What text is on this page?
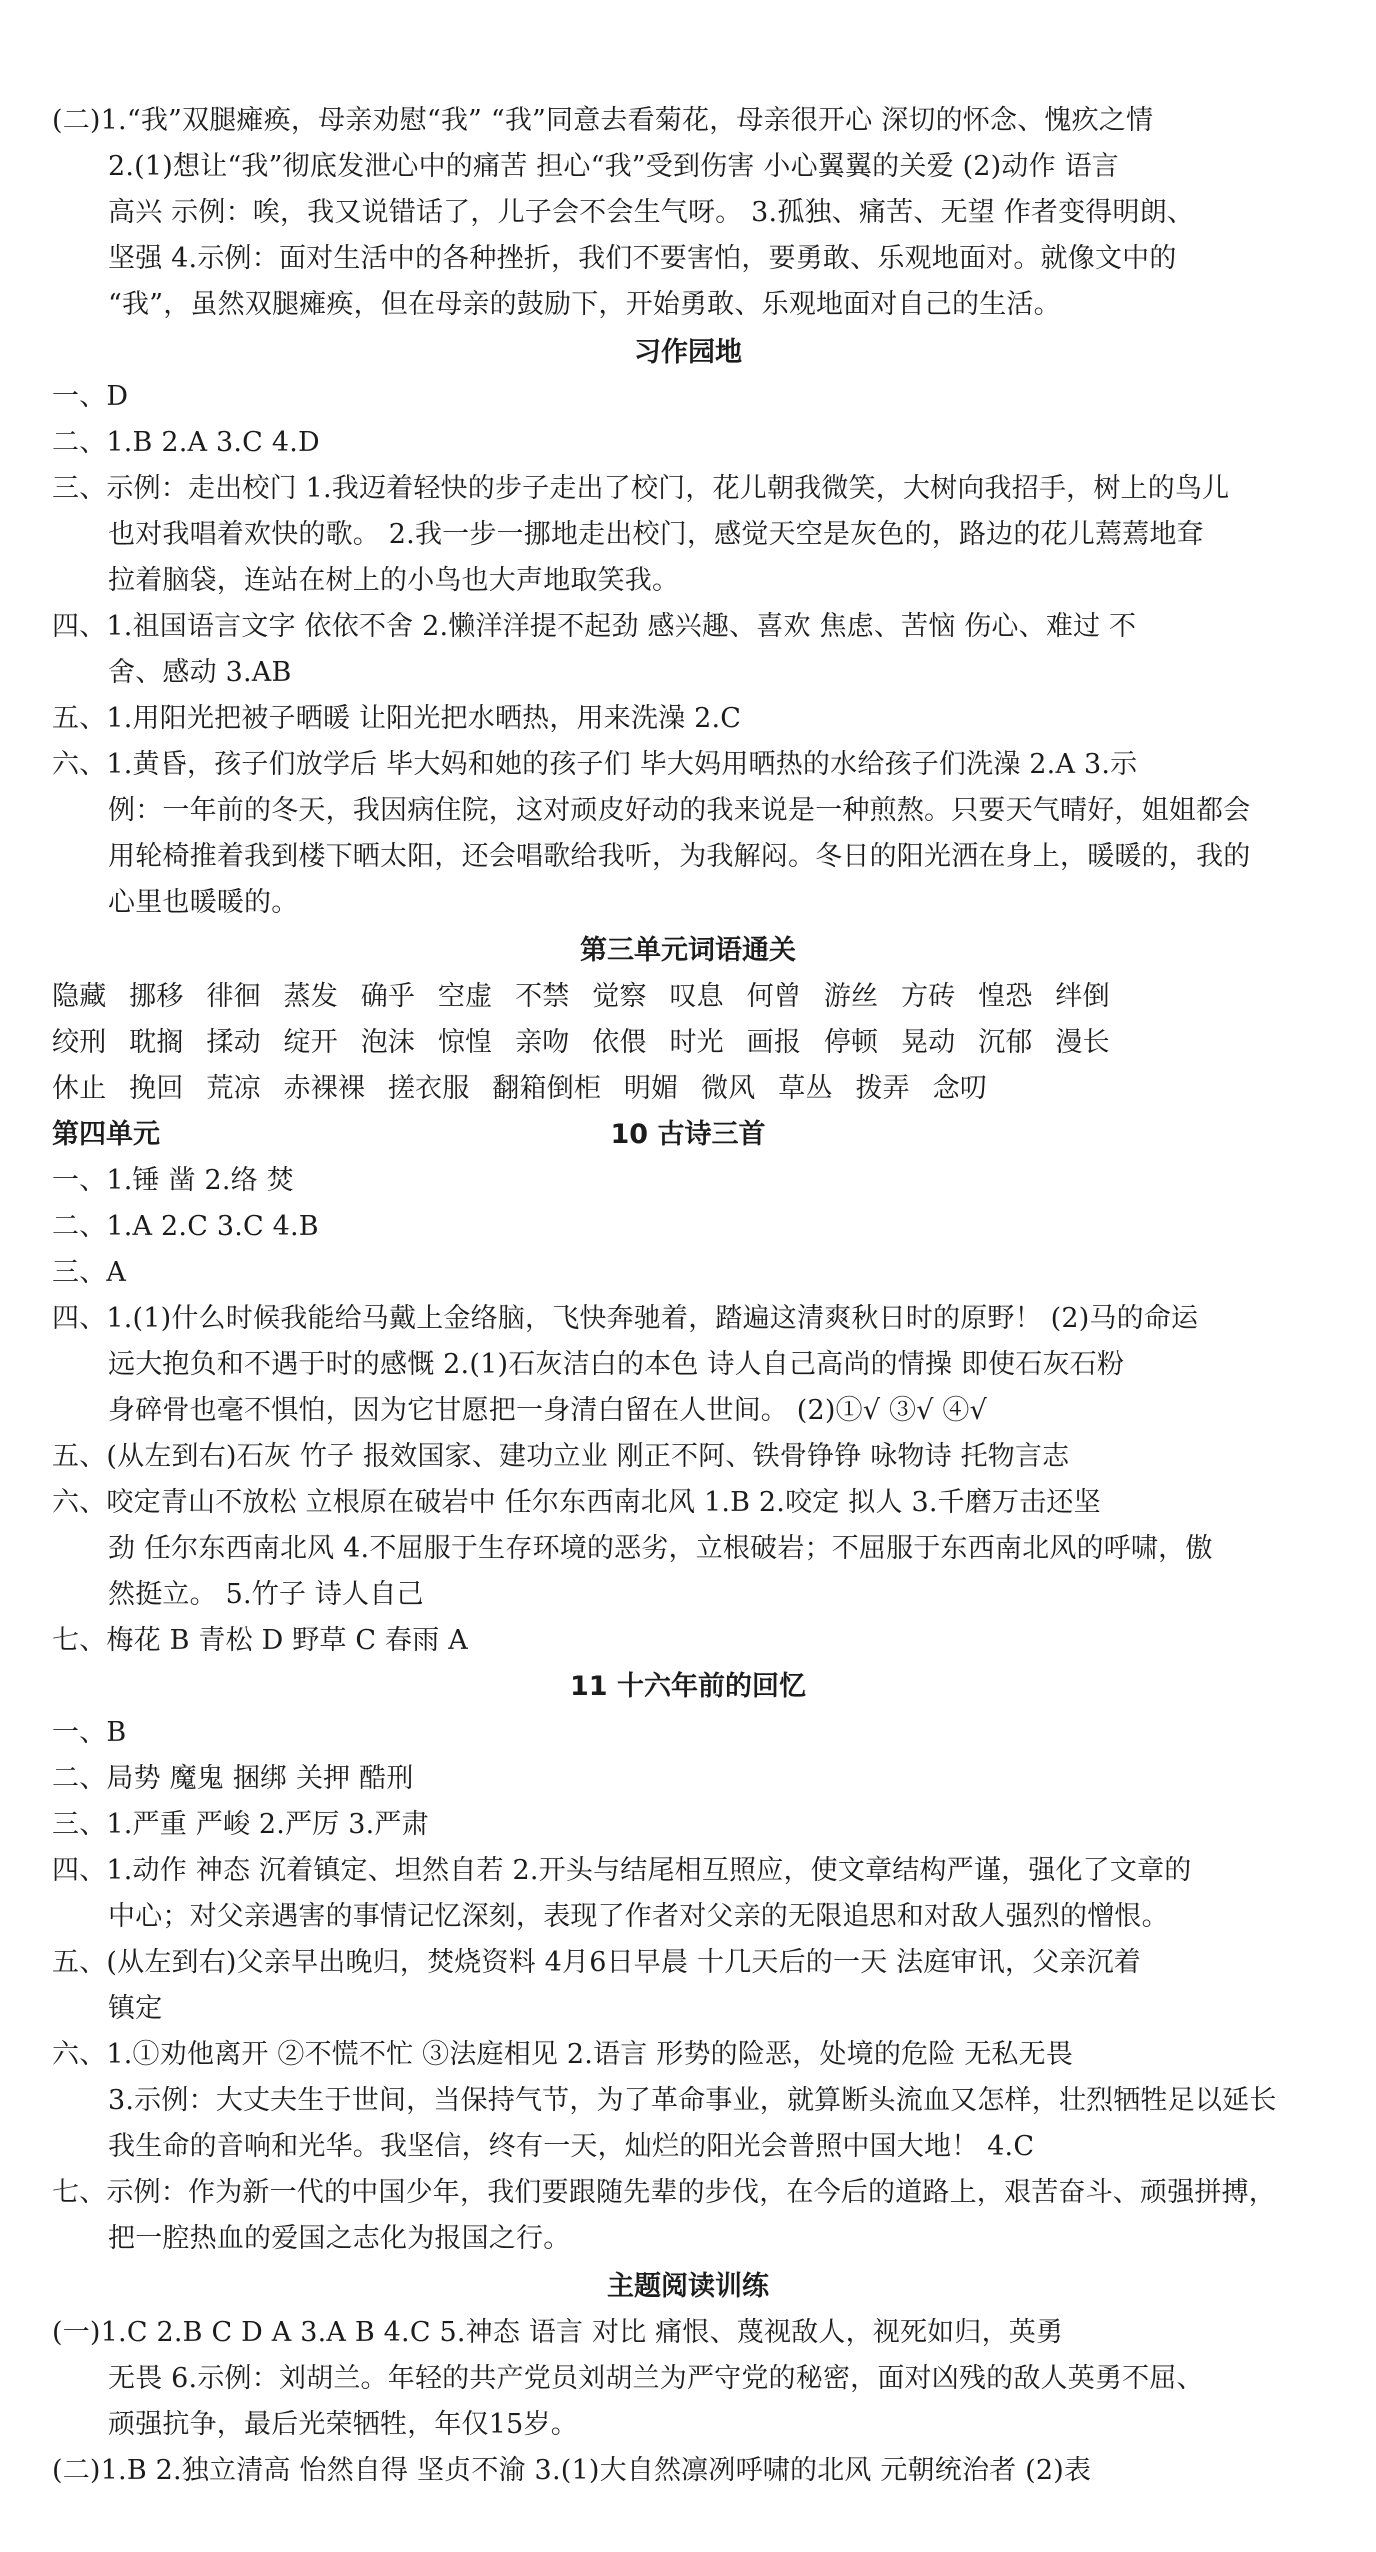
(二)1.“我”双腿瘫痪，母亲劝慰“我” “我”同意去看菊花，母亲很开心 深切的怀念、愧疚之情
2.(1)想让“我”彻底发泄心中的痛苦 担心“我”受到伤害 小心翼翼的关爱 (2)动作 语言
高兴 示例：唉，我又说错话了，儿子会不会生气呀。 3.孤独、痛苦、无望 作者变得明朗、
坚强 4.示例：面对生活中的各种挫折，我们不要害怕，要勇敢、乐观地面对。就像文中的
“我”，虽然双腿瘫痪，但在母亲的鼓励下，开始勇敢、乐观地面对自己的生活。
习作园地
一、D
二、1.B 2.A 3.C 4.D
三、示例：走出校门 1.我迈着轻快的步子走出了校门，花儿朝我微笑，大树向我招手，树上的鸟儿
也对我唱着欢快的歌。 2.我一步一挪地走出校门，感觉天空是灰色的，路边的花儿蔫蔫地耷
拉着脑袋，连站在树上的小鸟也大声地取笑我。
四、1.祖国语言文字 依依不舍 2.懒洋洋提不起劲 感兴趣、喜欢 焦虑、苦恼 伤心、难过 不
舍、感动 3.AB
五、1.用阳光把被子晒暖 让阳光把水晒热，用来洗澡 2.C
六、1.黄昏，孩子们放学后 毕大妈和她的孩子们 毕大妈用晒热的水给孩子们洗澡 2.A 3.示
例：一年前的冬天，我因病住院，这对顽皮好动的我来说是一种煎熬。只要天气晴好，姐姐都会
用轮椅推着我到楼下晒太阳，还会唱歌给我听，为我解闷。冬日的阳光洒在身上，暖暖的，我的
心里也暖暖的。
第三单元词语通关
隐藏 挪移 徘徊 蒸发 确乎 空虚 不禁 觉察 叹息 何曾 游丝 方砖 惶恐 绊倒
绞刑 耽搁 揉动 绽开 泡沫 惊惶 亲吻 依偎 时光 画报 停顿 晃动 沉郁 漫长
休止 挽回 荒凉 赤裸裸 搓衣服 翻箱倒柜 明媚 微风 草丛 拨弄 念叨
第四单元	10 古诗三首
一、1.锤 凿 2.络 焚
二、1.A 2.C 3.C 4.B
三、A
四、1.(1)什么时候我能给马戴上金络脑，飞快奔驰着，踏遍这清爽秋日时的原野！ (2)马的命运
远大抱负和不遇于时的感慨 2.(1)石灰洁白的本色 诗人自己高尚的情操 即使石灰石粉
身碎骨也毫不惧怕，因为它甘愿把一身清白留在人世间。 (2)①√ ③√ ④√
五、(从左到右)石灰 竹子 报效国家、建功立业 刚正不阿、铁骨铮铮 咏物诗 托物言志
六、咬定青山不放松 立根原在破岩中 任尔东西南北风 1.B 2.咬定 拟人 3.千磨万击还坚
劲 任尔东西南北风 4.不屈服于生存环境的恶劣，立根破岩；不屈服于东西南北风的呼啸，傲
然挺立。 5.竹子 诗人自己
七、梅花 B 青松 D 野草 C 春雨 A
11 十六年前的回忆
一、B
二、局势 魔鬼 捆绑 关押 酷刑
三、1.严重 严峻 2.严厉 3.严肃
四、1.动作 神态 沉着镇定、坦然自若 2.开头与结尾相互照应，使文章结构严谨，强化了文章的
中心；对父亲遇害的事情记忆深刻，表现了作者对父亲的无限追思和对敌人强烈的憎恨。
五、(从左到右)父亲早出晚归，焚烧资料 4月6日早晨 十几天后的一天 法庭审讯，父亲沉着
镇定
六、1.①劝他离开 ②不慌不忙 ③法庭相见 2.语言 形势的险恶，处境的危险 无私无畏
3.示例：大丈夫生于世间，当保持气节，为了革命事业，就算断头流血又怎样，壮烈牺牲足以延长
我生命的音响和光华。我坚信，终有一天，灿烂的阳光会普照中国大地！ 4.C
七、示例：作为新一代的中国少年，我们要跟随先辈的步伐，在今后的道路上，艰苦奋斗、顽强拼搏，
把一腔热血的爱国之志化为报国之行。
主题阅读训练
(一)1.C 2.B C D A 3.A B 4.C 5.神态 语言 对比 痛恨、蔑视敌人，视死如归，英勇
无畏 6.示例：刘胡兰。年轻的共产党员刘胡兰为严守党的秘密，面对凶残的敌人英勇不屈、
顽强抗争，最后光荣牺牲，年仅15岁。
(二)1.B 2.独立清高 怡然自得 坚贞不渝 3.(1)大自然凛冽呼啸的北风 元朝统治者 (2)表
